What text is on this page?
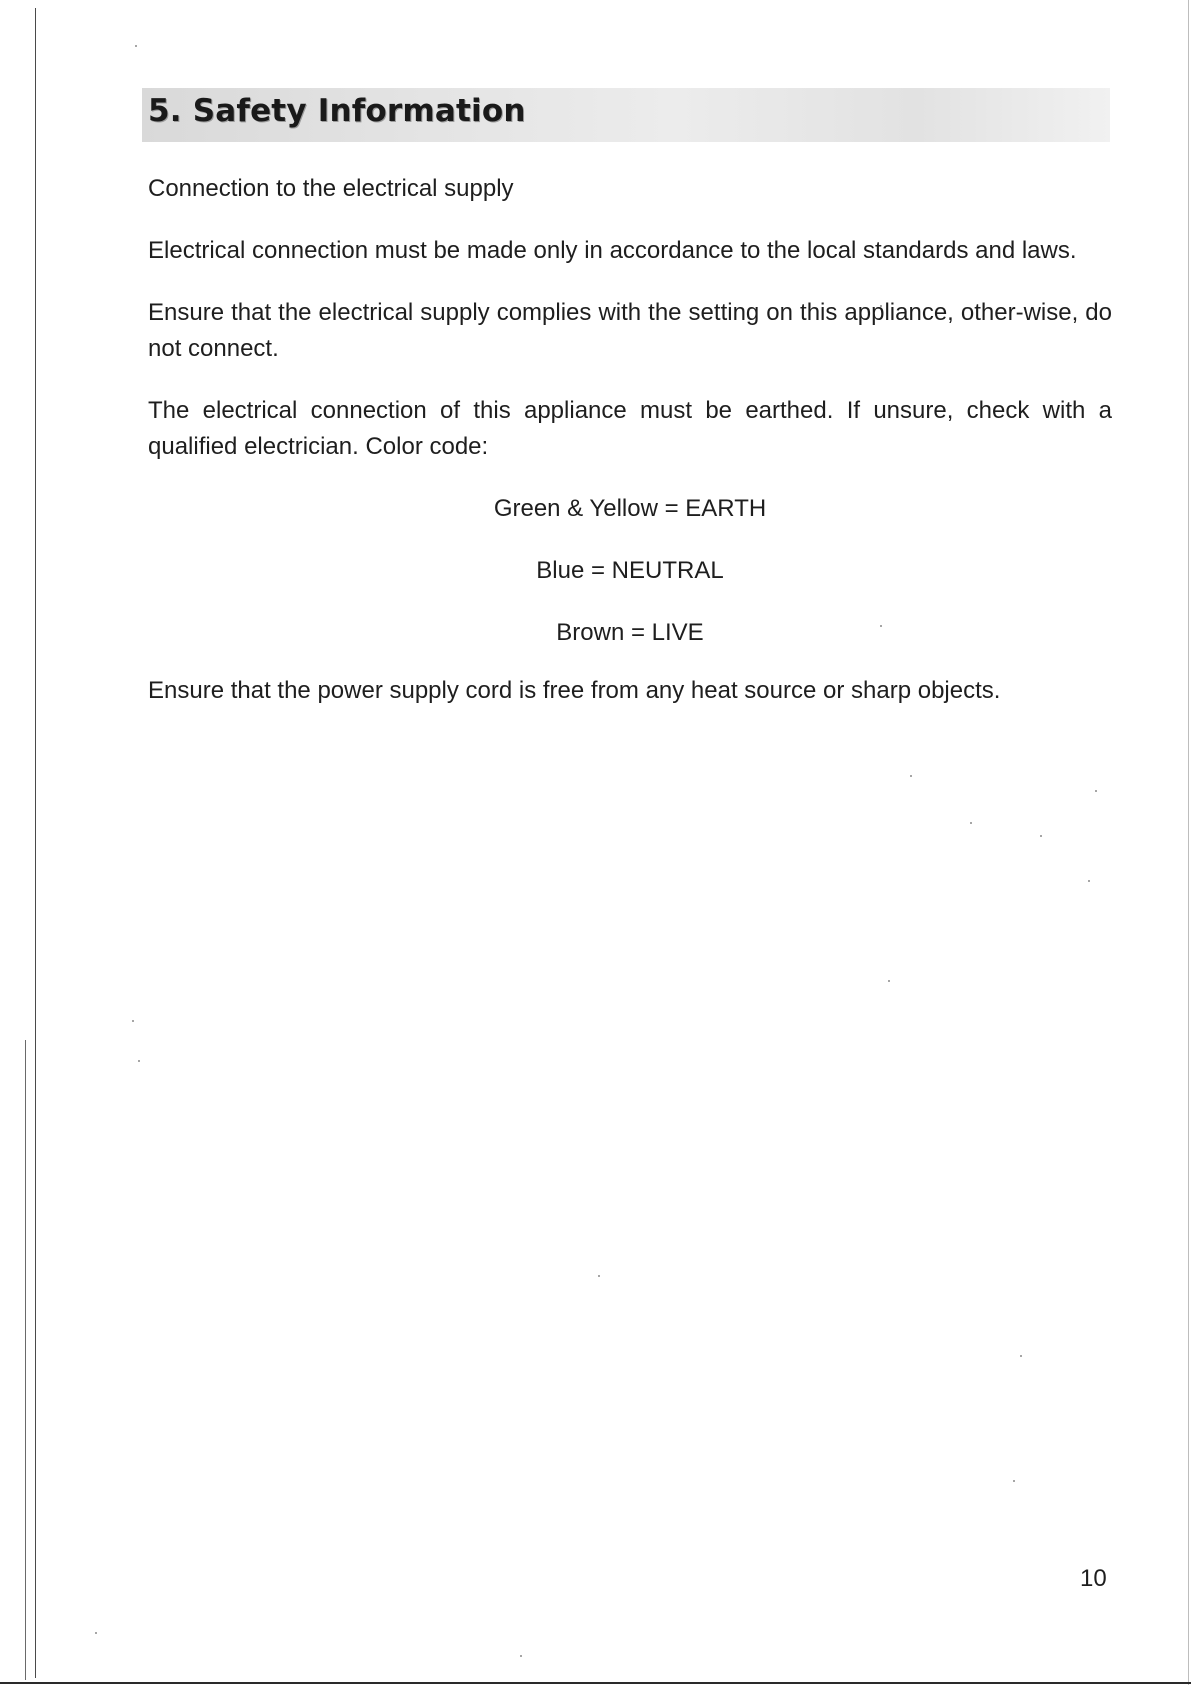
5. Safety Information

Connection to the electrical supply

Electrical connection must be made only in accordance to the local standards and laws.

Ensure that the electrical supply complies with the setting on this appliance, other-wise, do not connect.

The electrical connection of this appliance must be earthed. If unsure, check with a qualified electrician. Color code:

Green & Yellow = EARTH
Blue = NEUTRAL
Brown = LIVE

Ensure that the power supply cord is free from any heat source or sharp objects.

10
